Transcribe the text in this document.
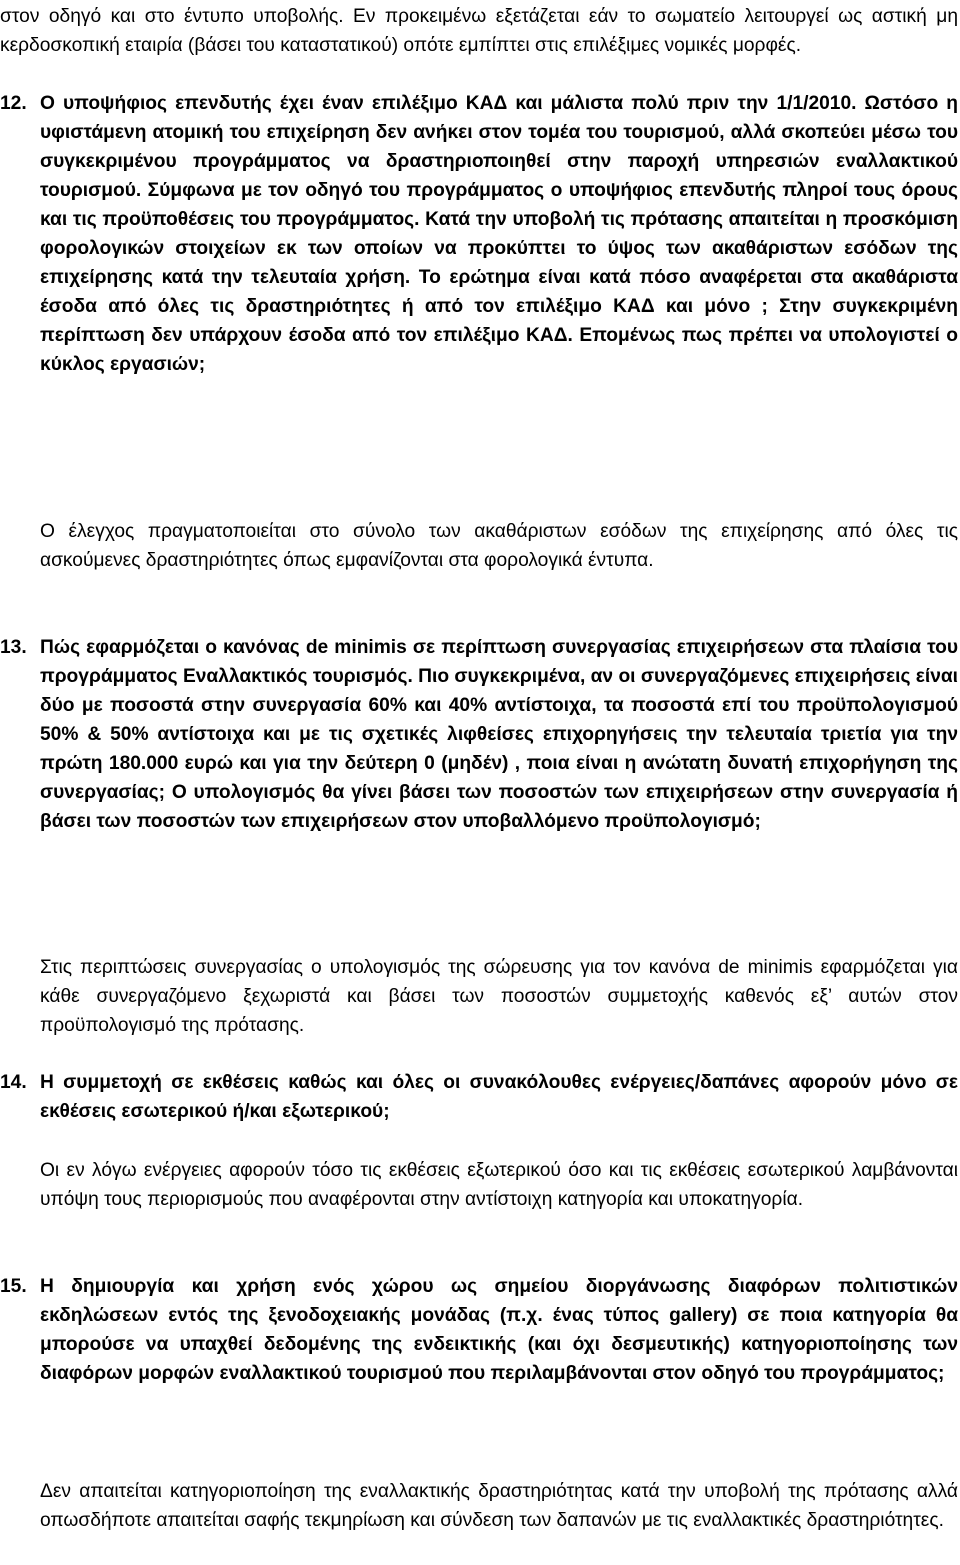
στον οδηγό και στο έντυπο υποβολής. Εν προκειμένω εξετάζεται εάν το σωματείο λειτουργεί ως αστική μη κερδοσκοπική εταιρία (βάσει του καταστατικού) οπότε εμπίπτει στις επιλέξιμες νομικές μορφές.

12. Ο υποψήφιος επενδυτής έχει έναν επιλέξιμο ΚΑΔ και μάλιστα πολύ πριν την 1/1/2010. Ωστόσο η υφιστάμενη ατομική του επιχείρηση δεν ανήκει στον τομέα του τουρισμού, αλλά σκοπεύει μέσω του συγκεκριμένου προγράμματος να δραστηριοποιηθεί στην παροχή υπηρεσιών εναλλακτικού τουρισμού. Σύμφωνα με τον οδηγό του προγράμματος ο υποψήφιος επενδυτής πληροί τους όρους και τις προϋποθέσεις του προγράμματος. Κατά την υποβολή τις πρότασης απαιτείται η προσκόμιση φορολογικών στοιχείων εκ των οποίων να προκύπτει το ύψος των ακαθάριστων εσόδων της επιχείρησης κατά την τελευταία χρήση. Το ερώτημα είναι κατά πόσο αναφέρεται στα ακαθάριστα έσοδα από όλες τις δραστηριότητες ή από τον επιλέξιμο ΚΑΔ και μόνο ; Στην συγκεκριμένη περίπτωση δεν υπάρχουν έσοδα από τον επιλέξιμο ΚΑΔ. Επομένως πως πρέπει να υπολογιστεί ο κύκλος εργασιών;

Ο έλεγχος πραγματοποιείται στο σύνολο των ακαθάριστων εσόδων της επιχείρησης από όλες τις ασκούμενες δραστηριότητες όπως εμφανίζονται στα φορολογικά έντυπα.

13. Πώς εφαρμόζεται ο κανόνας de minimis σε περίπτωση συνεργασίας επιχειρήσεων στα πλαίσια του προγράμματος Εναλλακτικός τουρισμός. Πιο συγκεκριμένα, αν οι συνεργαζόμενες επιχειρήσεις είναι δύο με ποσοστά στην συνεργασία 60% και 40% αντίστοιχα, τα ποσοστά επί του προϋπολογισμού 50% & 50% αντίστοιχα και με τις σχετικές λιφθείσες επιχορηγήσεις την τελευταία τριετία για την πρώτη 180.000 ευρώ και για την δεύτερη 0 (μηδέν) , ποια είναι η ανώτατη δυνατή επιχορήγηση της συνεργασίας; Ο υπολογισμός θα γίνει βάσει των ποσοστών των επιχειρήσεων στην συνεργασία ή βάσει των ποσοστών των επιχειρήσεων στον υποβαλλόμενο προϋπολογισμό;

Στις περιπτώσεις συνεργασίας ο υπολογισμός της σώρευσης για τον κανόνα de minimis εφαρμόζεται για κάθε συνεργαζόμενο ξεχωριστά και βάσει των ποσοστών συμμετοχής καθενός εξ’ αυτών στον προϋπολογισμό της πρότασης.

14. Η συμμετοχή σε εκθέσεις καθώς και όλες οι συνακόλουθες ενέργειες/δαπάνες αφορούν μόνο σε εκθέσεις εσωτερικού ή/και εξωτερικού;

Οι εν λόγω ενέργειες αφορούν τόσο τις εκθέσεις εξωτερικού όσο και τις εκθέσεις εσωτερικού λαμβάνονται υπόψη τους περιορισμούς που αναφέρονται στην αντίστοιχη κατηγορία και υποκατηγορία.

15. Η δημιουργία και χρήση ενός χώρου ως σημείου διοργάνωσης διαφόρων πολιτιστικών εκδηλώσεων εντός της ξενοδοχειακής μονάδας (π.χ. ένας τύπος gallery) σε ποια κατηγορία θα μπορούσε να υπαχθεί δεδομένης της ενδεικτικής (και όχι δεσμευτικής) κατηγοριοποίησης των διαφόρων μορφών εναλλακτικού τουρισμού που περιλαμβάνονται στον οδηγό του προγράμματος;

Δεν απαιτείται κατηγοριοποίηση της εναλλακτικής δραστηριότητας κατά την υποβολή της πρότασης αλλά οπωσδήποτε απαιτείται σαφής τεκμηρίωση και σύνδεση των δαπανών με τις εναλλακτικές δραστηριότητες.
